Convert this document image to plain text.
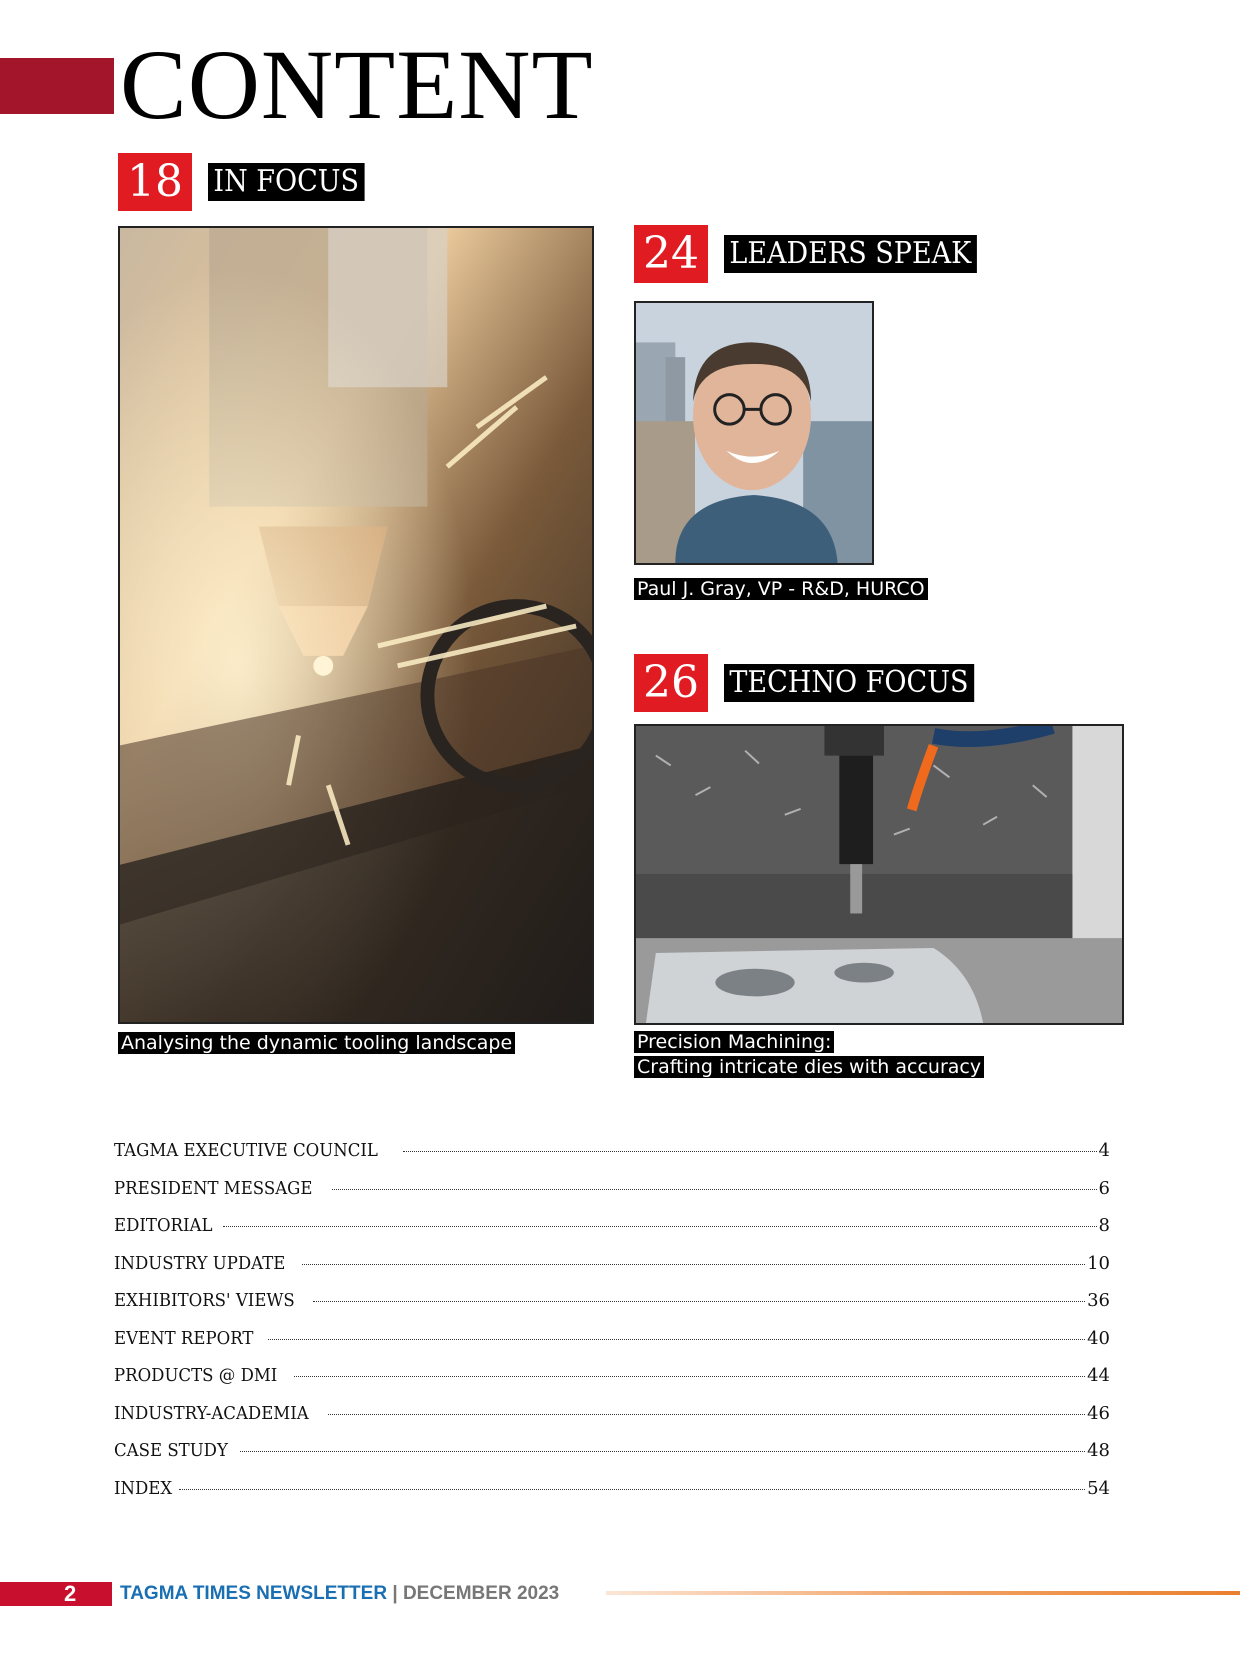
CONTENT
18	IN FOCUS
Analysing the dynamic tooling landscape
24	LEADERS SPEAK
Paul J. Gray, VP - R&D, HURCO
26	TECHNO FOCUS
Precision Machining:
Crafting intricate dies with accuracy
TAGMA EXECUTIVE COUNCIL	4
PRESIDENT MESSAGE	6
EDITORIAL	8
INDUSTRY UPDATE	10
EXHIBITORS' VIEWS	36
EVENT REPORT	40
PRODUCTS @ DMI	44
INDUSTRY-ACADEMIA	46
CASE STUDY	48
INDEX	54
2 TAGMA TIMES NEWSLETTER | DECEMBER 2023
